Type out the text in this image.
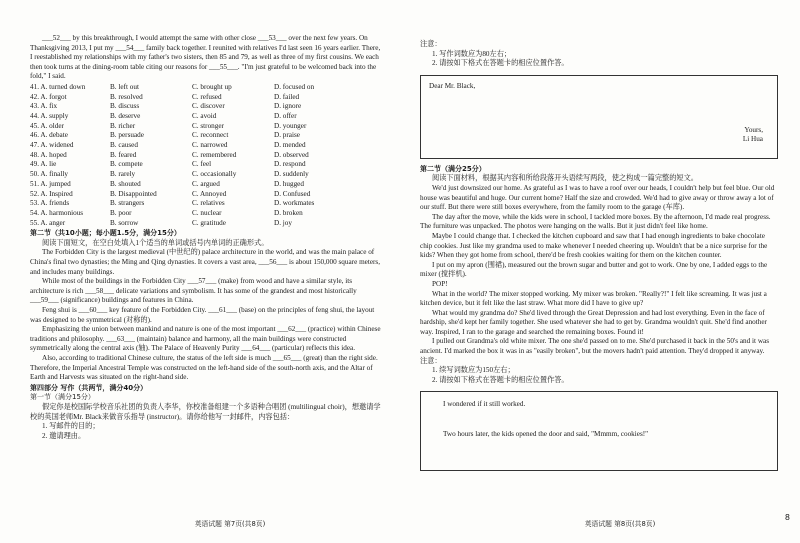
___52___ by this breakthrough, I would attempt the same with other close ___53___ over the next few years. On Thanksgiving 2013, I put my ___54___ family back together. I reunited with relatives I'd last seen 16 years earlier. There, I reestablished my relationships with my father's two sisters, then 85 and 79, as well as three of my first cousins. We each then took turns at the dining-room table citing our reasons for ___55___. "I'm just grateful to be welcomed back into the fold," I said.

41. A. turned down	B. left out	C. brought up	D. focused on
42. A. forgot	B. resolved	C. refused	D. failed
43. A. fix	B. discuss	C. discover	D. ignore
44. A. supply	B. deserve	C. avoid	D. offer
45. A. older	B. richer	C. stronger	D. younger
46. A. debate	B. persuade	C. reconnect	D. praise
47. A. widened	B. caused	C. narrowed	D. mended
48. A. hoped	B. feared	C. remembered	D. observed
49. A. lie	B. compete	C. feel	D. respond
50. A. finally	B. rarely	C. occasionally	D. suddenly
51. A. jumped	B. shouted	C. argued	D. hugged
52. A. Inspired	B. Disappointed	C. Annoyed	D. Confused
53. A. friends	B. strangers	C. relatives	D. workmates
54. A. harmonious	B. poor	C. nuclear	D. broken
55. A. anger	B. sorrow	C. gratitude	D. joy

第二节（共10小题；每小题1.5分，满分15分）

阅读下面短文，在空白处填入1个适当的单词或括号内单词的正确形式。

The Forbidden City is the largest medieval (中世纪的) palace architecture in the world, and was the main palace of China's final two dynasties; the Ming and Qing dynasties. It covers a vast area, ___56___ is about 150,000 square meters, and includes many buildings.

While most of the buildings in the Forbidden City ___57___ (make) from wood and have a similar style, its architecture is rich ___58___ delicate variations and symbolism. It has some of the grandest and most historically ___59___ (significance) buildings and features in China.

Feng shui is ___60___ key feature of the Forbidden City. ___61___ (base) on the principles of feng shui, the layout was designed to be symmetrical (对称的).

Emphasizing the union between mankind and nature is one of the most important ___62___ (practice) within Chinese traditions and philosophy. ___63___ (maintain) balance and harmony, all the main buildings were constructed symmetrically along the central axis (轴). The Palace of Heavenly Purity ___64___ (particular) reflects this idea.

Also, according to traditional Chinese culture, the status of the left side is much ___65___ (great) than the right side. Therefore, the Imperial Ancestral Temple was constructed on the left-hand side of the south-north axis, and the Altar of Earth and Harvests was situated on the right-hand side.

第四部分 写作（共两节，满分40分）

第一节（满分15分）

假定你是校国际学校音乐社团的负责人李华，你校准备组建一个多语种合唱团 (multilingual choir)，想邀请学校的英国老师Mr. Black来做音乐指导 (instructor)。请你给他写一封邮件，内容包括：

1. 写邮件的目的；

2. 邀请理由。

英语试题 第7页(共8页)

注意：

1. 写作词数应为80左右；

2. 请按如下格式在答题卡的相应位置作答。

Dear Mr. Black,

Yours,

Li Hua

第二节（满分25分）

阅读下面材料，根据其内容和所给段落开头语续写两段，使之构成一篇完整的短文。

We'd just downsized our home. As grateful as I was to have a roof over our heads, I couldn't help but feel blue. Our old house was beautiful and huge. Our current home? Half the size and crowded. We'd had to give away or throw away a lot of our stuff. But there were still boxes everywhere, from the family room to the garage (车库).

The day after the move, while the kids were in school, I tackled more boxes. By the afternoon, I'd made real progress. The furniture was unpacked. The photos were hanging on the walls. But it just didn't feel like home.

Maybe I could change that. I checked the kitchen cupboard and saw that I had enough ingredients to bake chocolate chip cookies. Just like my grandma used to make whenever I needed cheering up. Wouldn't that be a nice surprise for the kids? When they got home from school, there'd be fresh cookies waiting for them on the kitchen counter.

I put on my apron (围裙), measured out the brown sugar and butter and got to work. One by one, I added eggs to the mixer (搅拌机).

POP!

What in the world? The mixer stopped working. My mixer was broken. "Really?!" I felt like screaming. It was just a kitchen device, but it felt like the last straw. What more did I have to give up?

What would my grandma do? She'd lived through the Great Depression and had lost everything. Even in the face of hardship, she'd kept her family together. She used whatever she had to get by. Grandma wouldn't quit. She'd find another way. Inspired, I ran to the garage and searched the remaining boxes. Found it!

I pulled out Grandma's old white mixer. The one she'd passed on to me. She'd purchased it back in the 50's and it was ancient. I'd marked the box it was in as "easily broken", but the movers hadn't paid attention. They'd dropped it anyway.

注意：

1. 续写词数应为150左右；

2. 请按如下格式在答题卡的相应位置作答。

I wondered if it still worked.

Two hours later, the kids opened the door and said, "Mmmm, cookies!"

英语试题 第8页(共8页)
8
